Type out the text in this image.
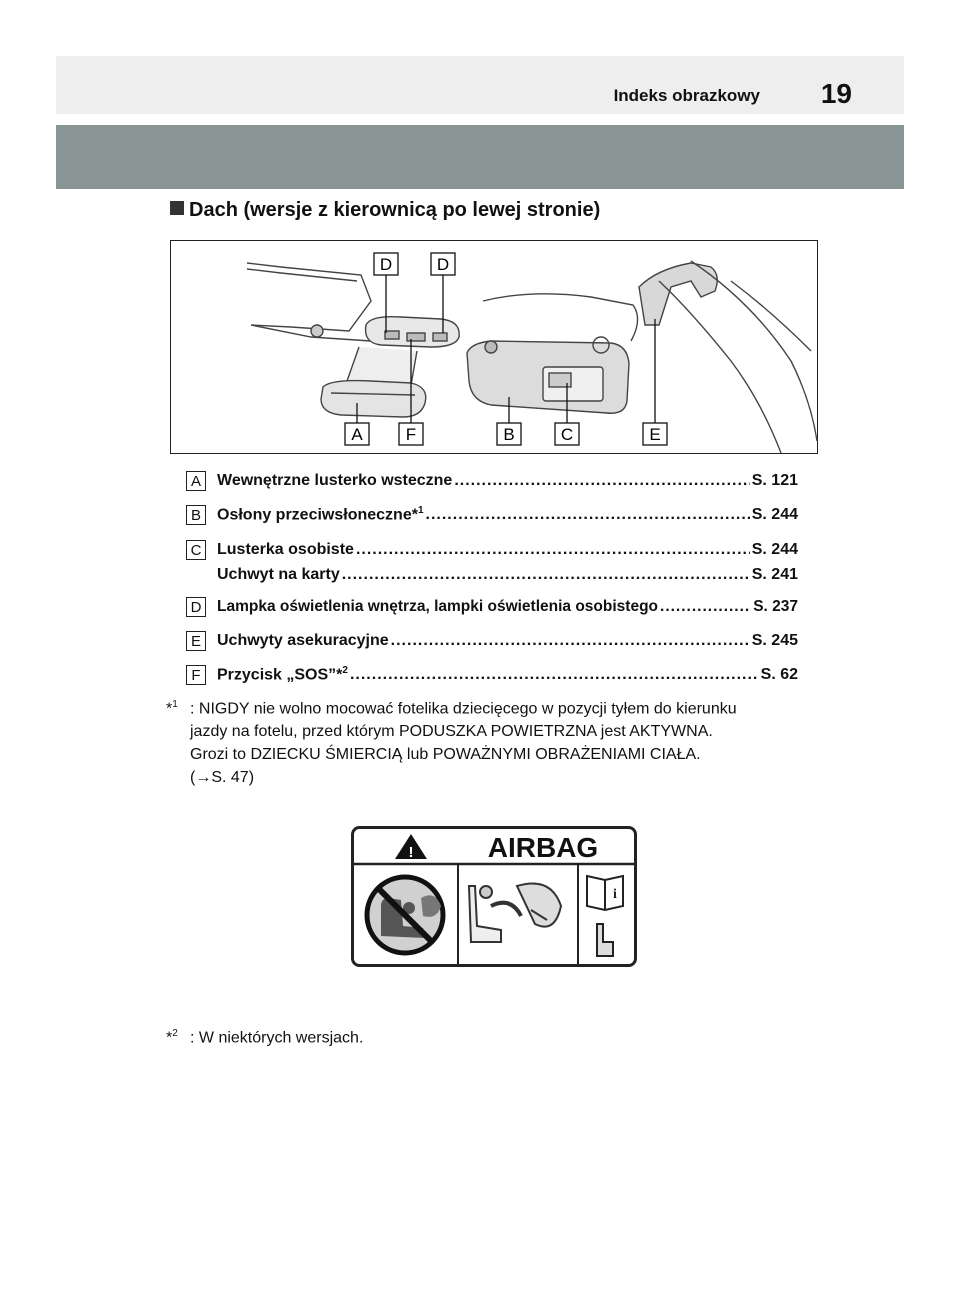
Indeks obrazkowy 19
Dach (wersje z kierownicą po lewej stronie)
D	D
A	F	B	C	E
A	Wewnętrzne lusterko wsteczne .....	S. 121
B	Osłony przeciwsłoneczne*$^1$ .....	S. 244
C Lusterka osobiste .....	S. 244
Uchwyt na karty .....	S. 241
D Lampka oświetlenia wnętrza, lampki oświetlenia osobistego .....	S. 237
E	Uchwyty asekuracyjne .....	S. 245
F	Przycisk „SOS”*$^2$ .....	S. 62
*$^1$ : NIGDY nie wolno mocować fotelika dziecięcego w pozycji tyłem do kierunku
jazdy na fotelu, przed którym PODUSZKA POWIETRZNA jest AKTYWNA.
Grozi to DZIECKU ŚMIERCIĄ lub POWAŻNYMI OBRAŻENIAMI CIAŁA.
(→S. 47)
!	AIRBAG
i
*$^2$ : W niektórych wersjach.
